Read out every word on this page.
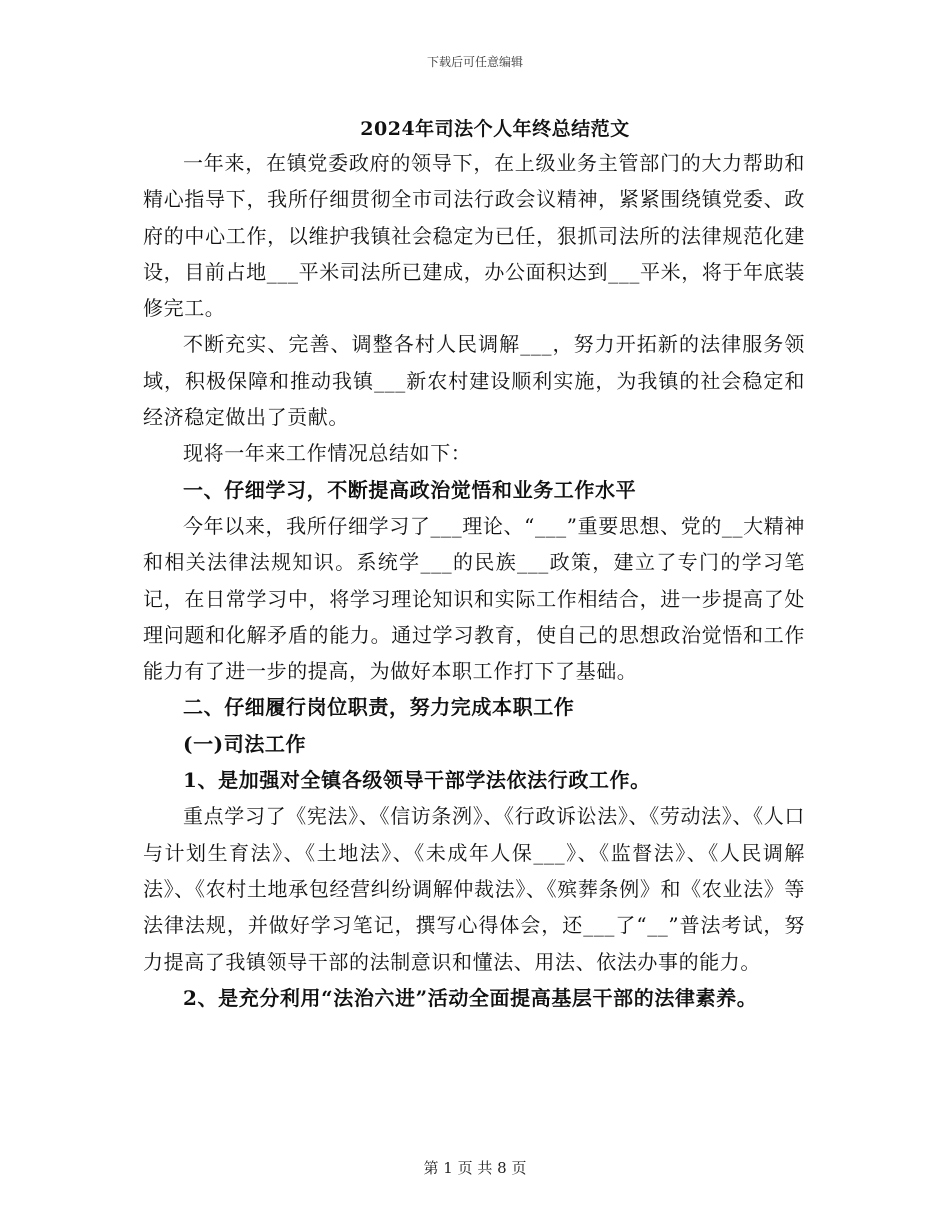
下载后可任意编辑
2024年司法个人年终总结范文

一年来，在镇党委政府的领导下，在上级业务主管部门的大力帮助和精心指导下，我所仔细贯彻全市司法行政会议精神，紧紧围绕镇党委、政府的中心工作，以维护我镇社会稳定为已任，狠抓司法所的法律规范化建设，目前占地___平米司法所已建成，办公面积达到___平米，将于年底装修完工。

不断充实、完善、调整各村人民调解___，努力开拓新的法律服务领域，积极保障和推动我镇___新农村建设顺利实施，为我镇的社会稳定和经济稳定做出了贡献。

现将一年来工作情况总结如下：

一、仔细学习，不断提高政治觉悟和业务工作水平

今年以来，我所仔细学习了___理论、“___”重要思想、党的__大精神和相关法律法规知识。系统学___的民族___政策，建立了专门的学习笔记，在日常学习中，将学习理论知识和实际工作相结合，进一步提高了处理问题和化解矛盾的能力。通过学习教育，使自己的思想政治觉悟和工作能力有了进一步的提高，为做好本职工作打下了基础。

二、仔细履行岗位职责，努力完成本职工作

(一)司法工作

1、是加强对全镇各级领导干部学法依法行政工作。

重点学习了《宪法》、《信访条洌》、《行政诉讼法》、《劳动法》、《人口与计划生育法》、《土地法》、《未成年人保___》、《监督法》、《人民调解法》、《农村土地承包经营纠纷调解仲裁法》、《殡葬条例》和《农业法》等法律法规，并做好学习笔记，撰写心得体会，还___了“__”普法考试，努力提高了我镇领导干部的法制意识和懂法、用法、依法办事的能力。

2、是充分利用“法治六进”活动全面提高基层干部的法律素养。

第 1 页 共 8 页
